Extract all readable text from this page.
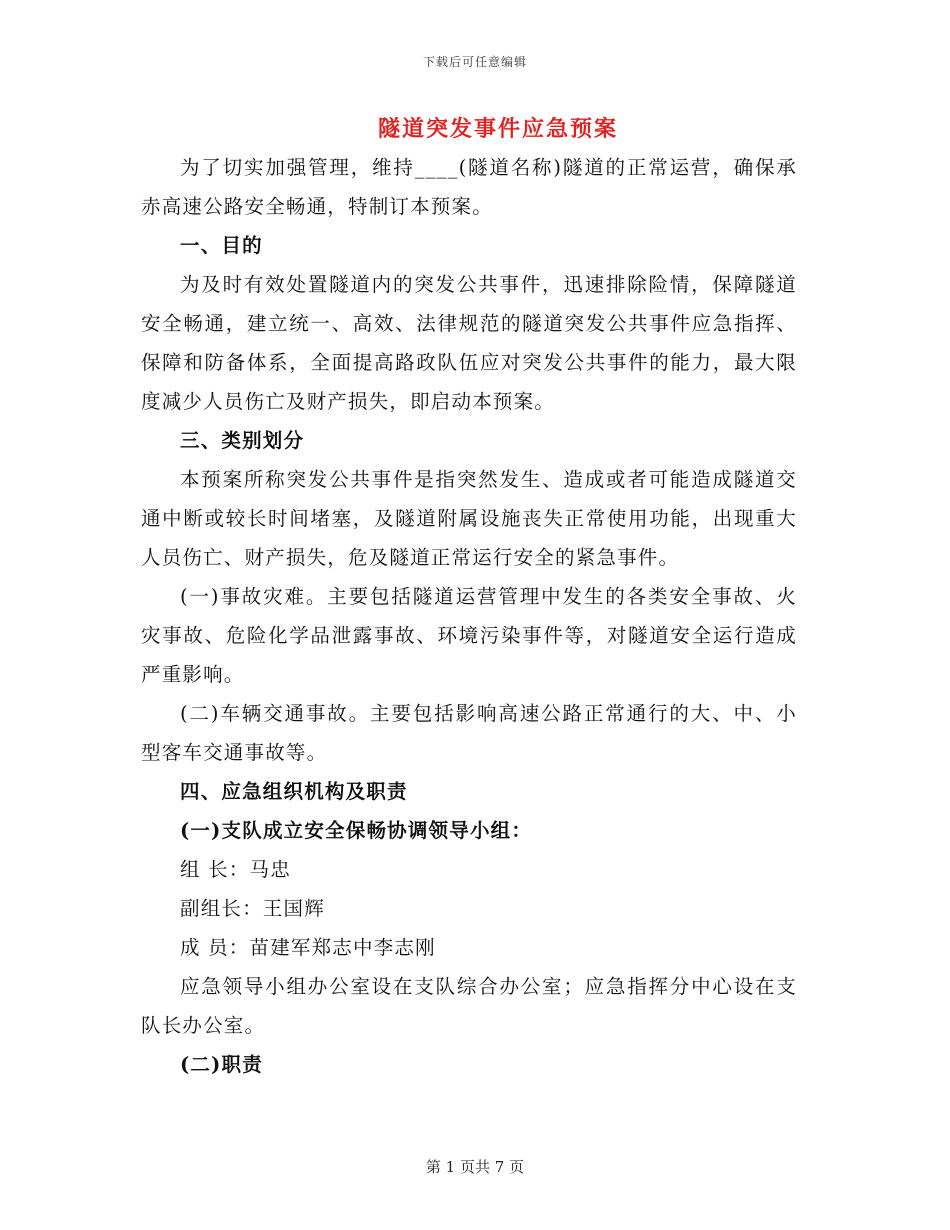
下载后可任意编辑
隧道突发事件应急预案

为了切实加强管理，维持____(隧道名称)隧道的正常运营，确保承赤高速公路安全畅通，特制订本预案。

一、目的

为及时有效处置隧道内的突发公共事件，迅速排除险情，保障隧道安全畅通，建立统一、高效、法律规范的隧道突发公共事件应急指挥、保障和防备体系，全面提高路政队伍应对突发公共事件的能力，最大限度减少人员伤亡及财产损失，即启动本预案。

三、类别划分

本预案所称突发公共事件是指突然发生、造成或者可能造成隧道交通中断或较长时间堵塞，及隧道附属设施丧失正常使用功能，出现重大人员伤亡、财产损失，危及隧道正常运行安全的紧急事件。

(一)事故灾难。主要包括隧道运营管理中发生的各类安全事故、火灾事故、危险化学品泄露事故、环境污染事件等，对隧道安全运行造成严重影响。

(二)车辆交通事故。主要包括影响高速公路正常通行的大、中、小型客车交通事故等。

四、应急组织机构及职责

(一)支队成立安全保畅协调领导小组：

组 长：马忠

副组长：王国辉

成 员：苗建军郑志中李志刚

应急领导小组办公室设在支队综合办公室；应急指挥分中心设在支队长办公室。

(二)职责

第 1 页共 7 页
